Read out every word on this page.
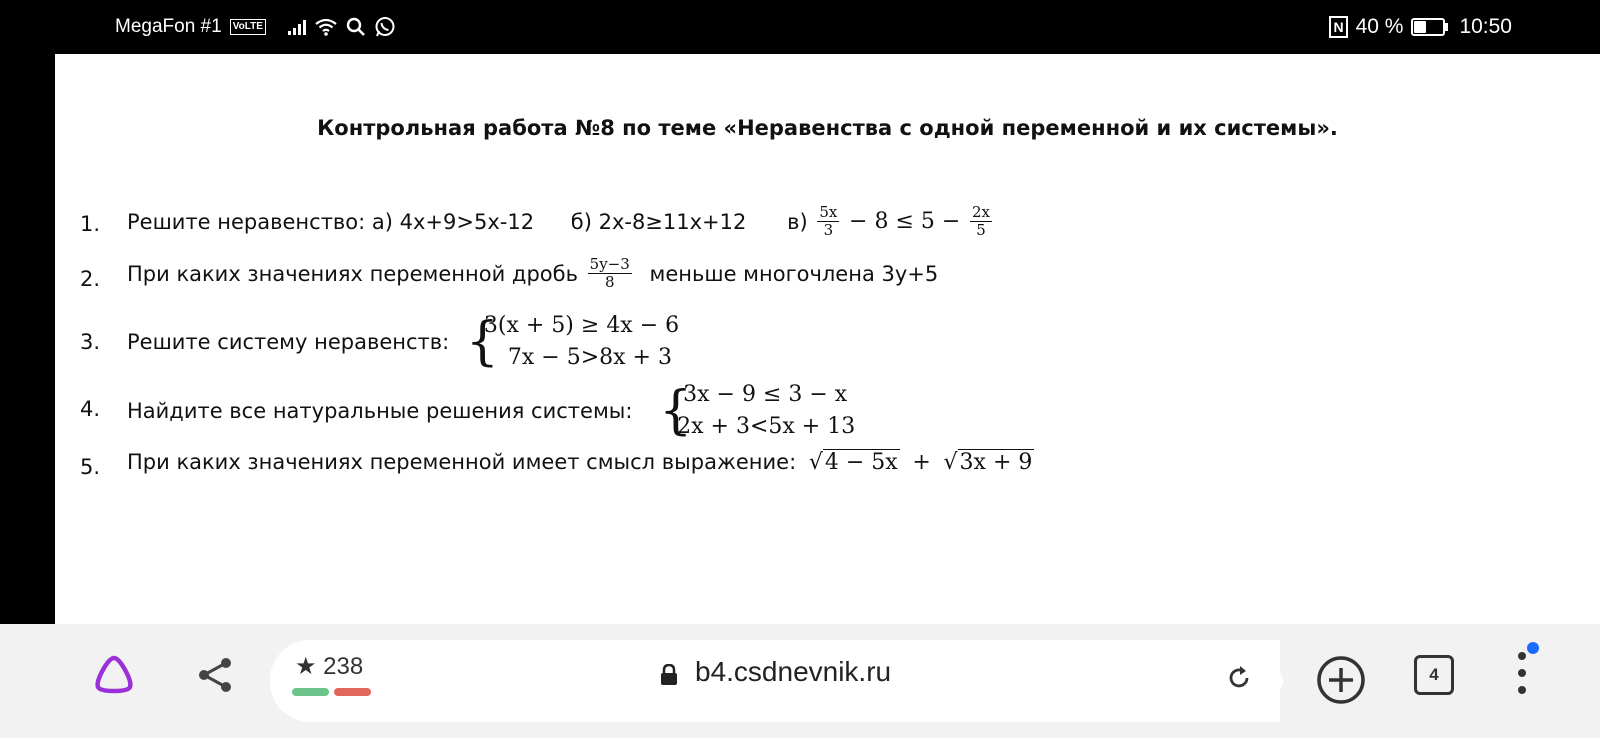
MegaFon #1	VoLTE	N 40 %	10:50
Контрольная работа №8 по теме «Неравенства с одной переменной и их системы».
1. Решите неравенство: а) 4х+9>5х-12 б) 2х-8≥11х+12 $в) \frac{5x}{3} - 8 \le 5 - \frac{2x}{5}$
2. При каких значениях переменной дробь $\frac{5y-3}{8}$ меньше многочлена 3у+5
3. Решите систему неравенств: {
3(x + 5) ≥ 4x − 6
7x − 5>8x + 3
4. Найдите все натуральные решения системы: {
3x − 9 ≤ 3 − x
2x + 3<5x + 13
5. При каких значениях переменной имеет смысл выражение: √4 − 5x + √3x + 9
★ 238	b4.csdnevnik.ru	4
